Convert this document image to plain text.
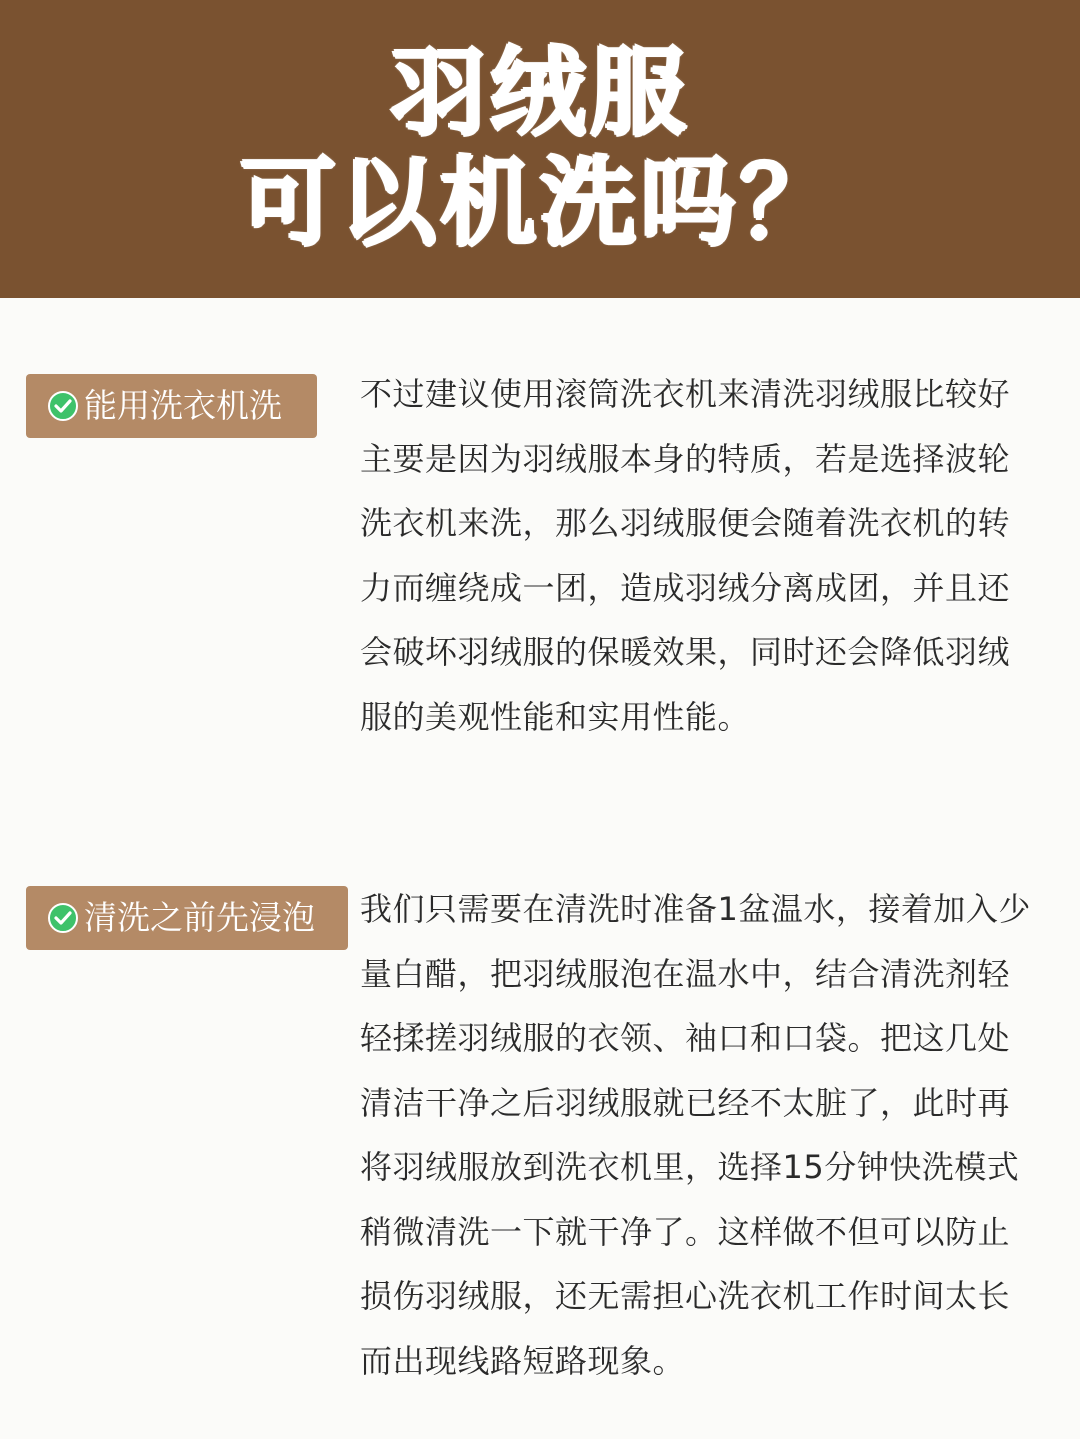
羽绒服
可以机洗吗？
能用洗衣机洗 不过建议使用滚筒洗衣机来清洗羽绒服比较好
主要是因为羽绒服本身的特质，若是选择波轮
洗衣机来洗，那么羽绒服便会随着洗衣机的转
力而缠绕成一团，造成羽绒分离成团，并且还
会破坏羽绒服的保暖效果，同时还会降低羽绒
服的美观性能和实用性能。

清洗之前先浸泡 我们只需要在清洗时准备1盆温水，接着加入少
量白醋，把羽绒服泡在温水中，结合清洗剂轻
轻揉搓羽绒服的衣领、袖口和口袋。把这几处
清洁干净之后羽绒服就已经不太脏了，此时再
将羽绒服放到洗衣机里，选择15分钟快洗模式
稍微清洗一下就干净了。这样做不但可以防止
损伤羽绒服，还无需担心洗衣机工作时间太长
而出现线路短路现象。
